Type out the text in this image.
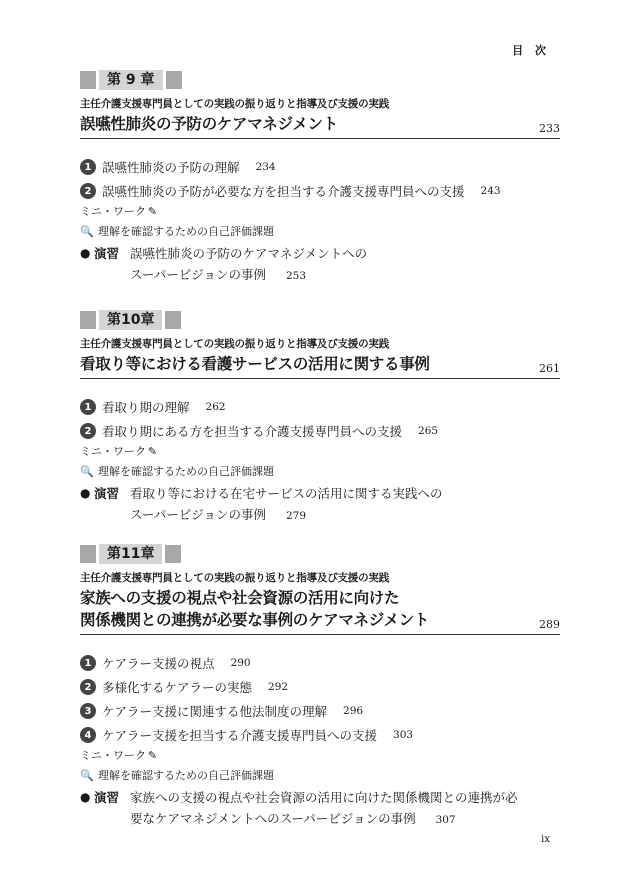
目 次
第 9 章
主任介護支援専門員としての実践の振り返りと指導及び支援の実践
誤嚥性肺炎の予防のケアマネジメント	233
1 誤嚥性肺炎の予防の理解 234
2 誤嚥性肺炎の予防が必要な方を担当する介護支援専門員への支援 243
ミニ・ワーク ✎
🔍 理解を確認するための自己評価課題
● 演習 誤嚥性肺炎の予防のケアマネジメントへの
スーパービジョンの事例 253
第10章
主任介護支援専門員としての実践の振り返りと指導及び支援の実践
看取り等における看護サービスの活用に関する事例	261
1 看取り期の理解 262
2 看取り期にある方を担当する介護支援専門員への支援 265
ミニ・ワーク ✎
🔍 理解を確認するための自己評価課題
● 演習 看取り等における在宅サービスの活用に関する実践への
スーパービジョンの事例 279
第11章
主任介護支援専門員としての実践の振り返りと指導及び支援の実践
家族への支援の視点や社会資源の活用に向けた
関係機関との連携が必要な事例のケアマネジメント	289
1 ケアラー支援の視点 290
2 多様化するケアラーの実態 292
3 ケアラー支援に関連する他法制度の理解 296
4 ケアラー支援を担当する介護支援専門員への支援 303
ミニ・ワーク ✎
🔍 理解を確認するための自己評価課題
● 演習 家族への支援の視点や社会資源の活用に向けた関係機関との連携が必
要なケアマネジメントへのスーパービジョンの事例 307
ix
